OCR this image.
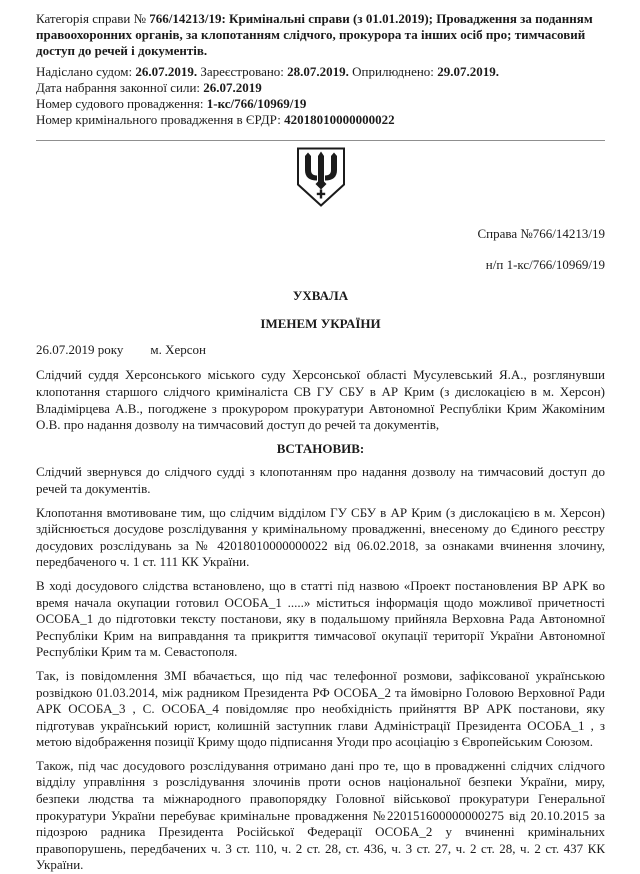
Категорія справи № 766/14213/19: Кримінальні справи (з 01.01.2019); Провадження за поданням правоохоронних органів, за клопотанням слідчого, прокурора та інших осіб про; тимчасовий доступ до речей і документів.

Надіслано судом: 26.07.2019. Зареєстровано: 28.07.2019. Оприлюднено: 29.07.2019.

Дата набрання законної сили: 26.07.2019

Номер судового провадження: 1-кс/766/10969/19

Номер кримінального провадження в ЄРДР: 42018010000000022

Справа №766/14213/19

н/п 1-кс/766/10969/19

УХВАЛА
ІМЕНЕМ УКРАЇНИ

26.07.2019 року м. Херсон

Слідчий суддя Херсонського міського суду Херсонської області Мусулевський Я.А., розглянувши клопотання старшого слідчого криміналіста СВ ГУ СБУ в АР Крим (з дислокацією в м. Херсон) Владімірцева А.В., погоджене з прокурором прокуратури Автономної Республіки Крим Жакоміним О.В. про надання дозволу на тимчасовий доступ до речей та документів,

ВСТАНОВИВ:

Слідчий звернувся до слідчого судді з клопотанням про надання дозволу на тимчасовий доступ до речей та документів.

Клопотання вмотивоване тим, що слідчим відділом ГУ СБУ в АР Крим (з дислокацією в м. Херсон) здійснюється досудове розслідування у кримінальному провадженні, внесеному до Єдиного реєстру досудових розслідувань за № 42018010000000022 від 06.02.2018, за ознаками вчинення злочину, передбаченого ч. 1 ст. 111 КК України.

В ході досудового слідства встановлено, що в статті під назвою «Проект постановления ВР АРК во время начала окупации готовил ОСОБА_1 .....» міститься інформація щодо можливої причетності ОСОБА_1 до підготовки тексту постанови, яку в подальшому прийняла Верховна Рада Автономної Республіки Крим на виправдання та прикриття тимчасової окупації території України Автономної Республіки Крим та м. Севастополя.

Так, із повідомлення ЗМІ вбачається, що під час телефонної розмови, зафіксованої українською розвідкою 01.03.2014, між радником Президента РФ ОСОБА_2 та ймовірно Головою Верховної Ради АРК ОСОБА_3 , С. ОСОБА_4 повідомляє про необхідність прийняття ВР АРК постанови, яку підготував український юрист, колишній заступник глави Адміністрації Президента ОСОБА_1 , з метою відображення позиції Криму щодо підписання Угоди про асоціацію з Європейським Союзом.

Також, під час досудового розслідування отримано дані про те, що в провадженні слідчих слідчого відділу управління з розслідування злочинів проти основ національної безпеки України, миру, безпеки людства та міжнародного правопорядку Головної військової прокуратури Генеральної прокуратури України перебуває кримінальне провадження №220151600000000275 від 20.10.2015 за підозрою радника Президента Російської Федерації ОСОБА_2 у вчиненні кримінальних правопорушень, передбачених ч. 3 ст. 110, ч. 2 ст. 28, ст. 436, ч. 3 ст. 27, ч. 2 ст. 28, ч. 2 ст. 437 КК України.
